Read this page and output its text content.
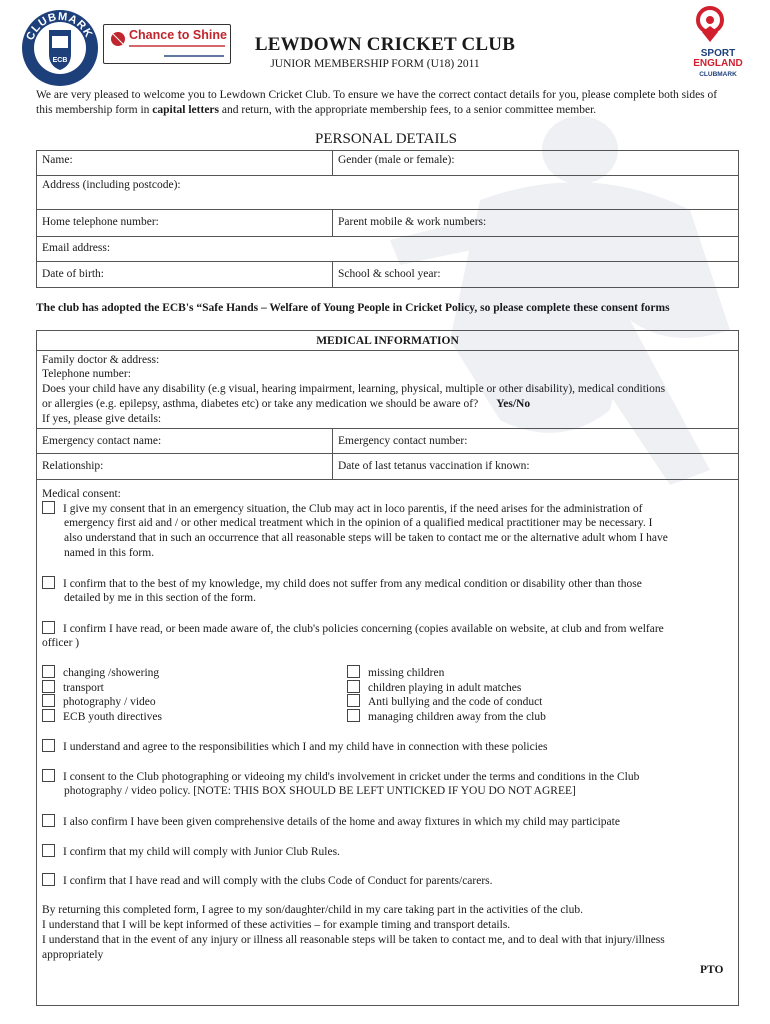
ECB
CLUBMARK	Chance to Shine
SPORT
ENGLAND
CLUBMARK
LEWDOWN CRICKET CLUB
JUNIOR MEMBERSHIP FORM (U18) 2011
We are very pleased to welcome you to Lewdown Cricket Club. To ensure we have the correct contact details for you, please complete both sides of this membership form in capital letters and return, with the appropriate membership fees, to a senior committee member.
PERSONAL DETAILS
Name:	Gender (male or female):
Address (including postcode):
Home telephone number:	Parent mobile & work numbers:
Email address:
Date of birth:	School & school year:
The club has adopted the ECB's “Safe Hands – Welfare of Young People in Cricket Policy, so please complete these consent forms
MEDICAL INFORMATION
Family doctor & address:
Telephone number:
Does your child have any disability (e.g visual, hearing impairment, learning, physical, multiple or other disability), medical conditions
or allergies (e.g. epilepsy, asthma, diabetes etc) or take any medication we should be aware of? Yes/No
If yes, please give details:
Emergency contact name:	Emergency contact number:
Relationship:	Date of last tetanus vaccination if known:
Medical consent:
I give my consent that in an emergency situation, the Club may act in loco parentis, if the need arises for the administration of
emergency first aid and / or other medical treatment which in the opinion of a qualified medical practitioner may be necessary. I
also understand that in such an occurrence that all reasonable steps will be taken to contact me or the alternative adult whom I have
named in this form.
I confirm that to the best of my knowledge, my child does not suffer from any medical condition or disability other than those
detailed by me in this section of the form.
I confirm I have read, or been made aware of, the club's policies concerning (copies available on website, at club and from welfare
officer )
changing /showering
transport
photography / video
ECB youth directives
missing children
children playing in adult matches
Anti bullying and the code of conduct
managing children away from the club
I understand and agree to the responsibilities which I and my child have in connection with these policies
I consent to the Club photographing or videoing my child's involvement in cricket under the terms and conditions in the Club
photography / video policy. [NOTE: THIS BOX SHOULD BE LEFT UNTICKED IF YOU DO NOT AGREE]
I also confirm I have been given comprehensive details of the home and away fixtures in which my child may participate
I confirm that my child will comply with Junior Club Rules.
I confirm that I have read and will comply with the clubs Code of Conduct for parents/carers.
By returning this completed form, I agree to my son/daughter/child in my care taking part in the activities of the club.
I understand that I will be kept informed of these activities – for example timing and transport details.
I understand that in the event of any injury or illness all reasonable steps will be taken to contact me, and to deal with that injury/illness
appropriately
PTO
